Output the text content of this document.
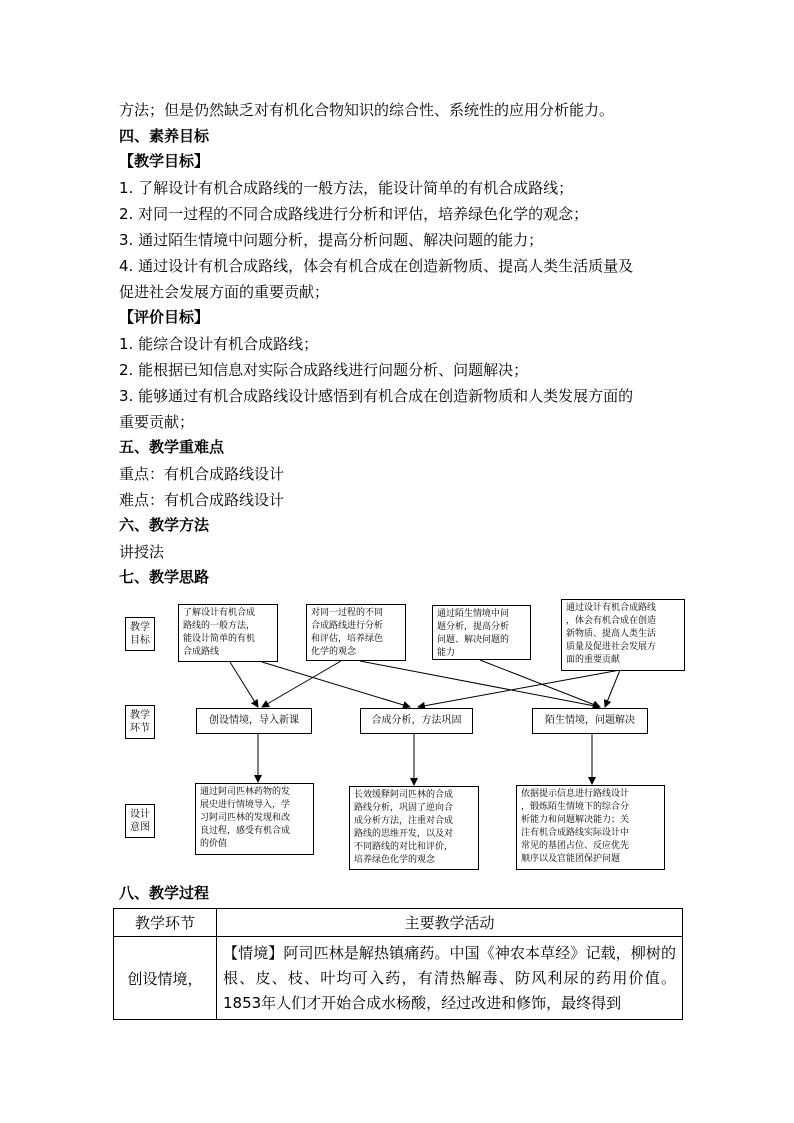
方法；但是仍然缺乏对有机化合物知识的综合性、系统性的应用分析能力。
四、素养目标
【教学目标】
1. 了解设计有机合成路线的一般方法，能设计简单的有机合成路线；
2. 对同一过程的不同合成路线进行分析和评估，培养绿色化学的观念；
3. 通过陌生情境中问题分析，提高分析问题、解决问题的能力；
4. 通过设计有机合成路线，体会有机合成在创造新物质、提高人类生活质量及
促进社会发展方面的重要贡献；
【评价目标】
1. 能综合设计有机合成路线；
2. 能根据已知信息对实际合成路线进行问题分析、问题解决；
3. 能够通过有机合成路线设计感悟到有机合成在创造新物质和人类发展方面的
重要贡献；
五、教学重难点
重点：有机合成路线设计
难点：有机合成路线设计
六、教学方法
讲授法
七、教学思路
教学
目标
教学
环节
设计
意图
了解设计有机合成
路线的一般方法，
能设计简单的有机
合成路线
对同一过程的不同
合成路线进行分析
和评估，培养绿色
化学的观念
通过陌生情境中问
题分析，提高分析
问题、解决问题的
能力
通过设计有机合成路线
，体会有机合成在创造
新物质、提高人类生活
质量及促进社会发展方
面的重要贡献
创设情境，导入新课	合成分析，方法巩固	陌生情境，问题解决
通过阿司匹林药物的发
展史进行情境导入，学
习阿司匹林的发现和改
良过程，感受有机合成
的价值
长效缓释阿司匹林的合成
路线分析，巩固了逆向合
成分析方法，注重对合成
路线的思维开发，以及对
不同路线的对比和评价，
培养绿色化学的观念
依据提示信息进行路线设计
，锻炼陌生情境下的综合分
析能力和问题解决能力；关
注有机合成路线实际设计中
常见的基团占位、反应优先
顺序以及官能团保护问题
八、教学过程
教学环节	主要教学活动
创设情境，	【情境】阿司匹林是解热镇痛药。中国《神农本草经》记载，柳树的根、皮、枝、叶均可入药，有清热解毒、防风利尿的药用价值。1853年人们才开始合成水杨酸，经过改进和修饰，最终得到
